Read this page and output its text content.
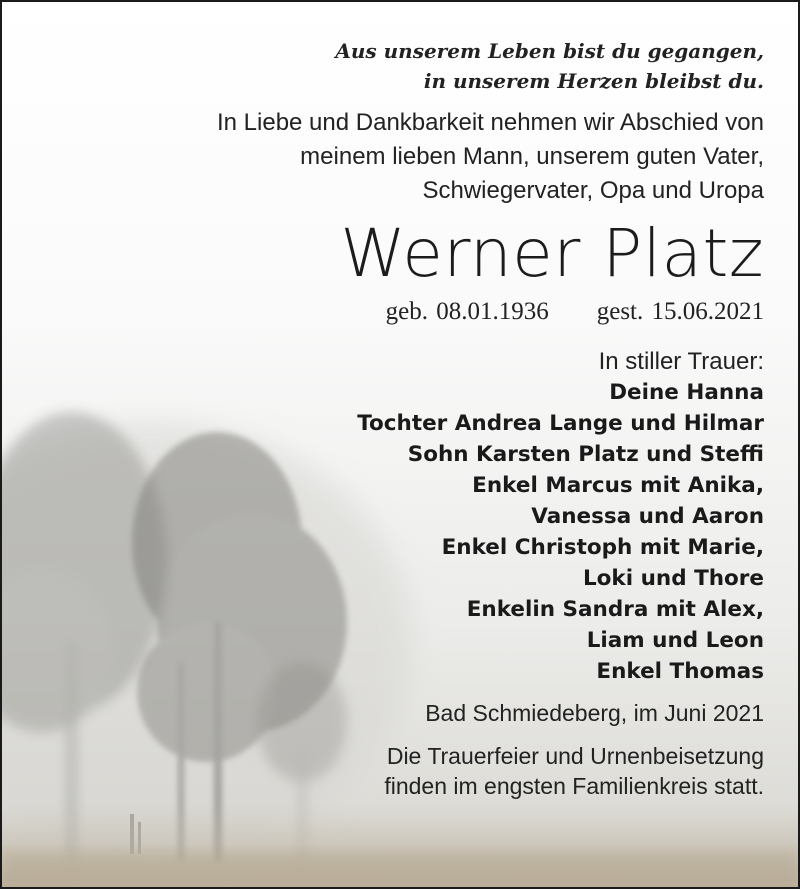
Aus unserem Leben bist du gegangen,
in unserem Herzen bleibst du.
In Liebe und Dankbarkeit nehmen wir Abschied von
meinem lieben Mann, unserem guten Vater,
Schwiegervater, Opa und Uropa
Werner Platz
geb. 08.01.1936 gest. 15.06.2021
In stiller Trauer:
Deine Hanna
Tochter Andrea Lange und Hilmar
Sohn Karsten Platz und Steffi
Enkel Marcus mit Anika,
Vanessa und Aaron
Enkel Christoph mit Marie,
Loki und Thore
Enkelin Sandra mit Alex,
Liam und Leon
Enkel Thomas
Bad Schmiedeberg, im Juni 2021
Die Trauerfeier und Urnenbeisetzung
finden im engsten Familienkreis statt.
